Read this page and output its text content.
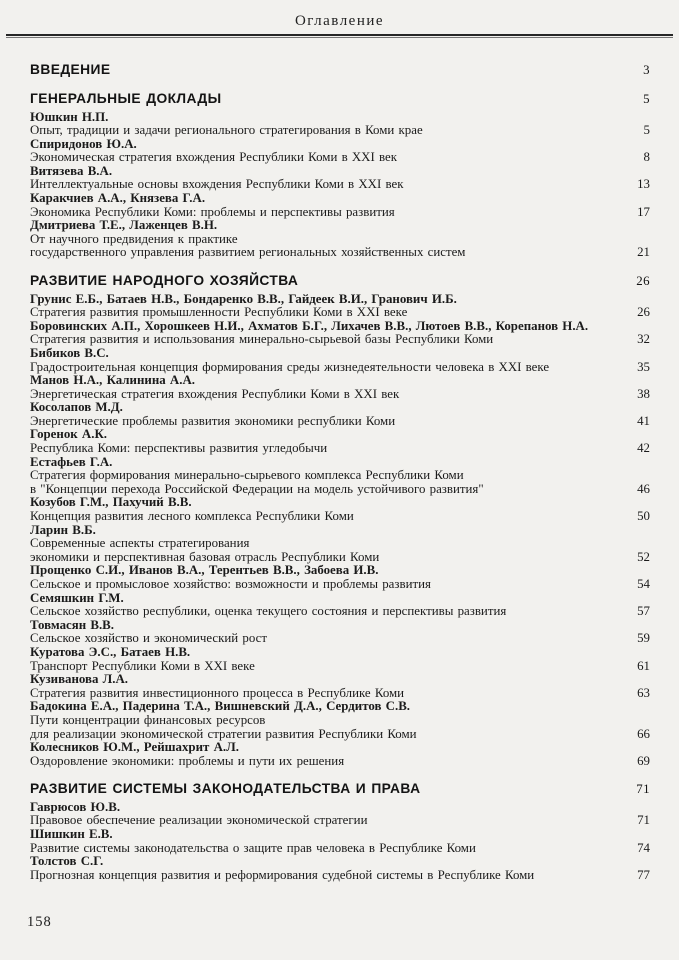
Оглавление
ВВЕДЕНИЕ	3
ГЕНЕРАЛЬНЫЕ ДОКЛАДЫ	5
Юшкин Н.П.
Опыт, традиции и задачи регионального стратегирования в Коми крае	5
Спиридонов Ю.А.
Экономическая стратегия вхождения Республики Коми в XXI век	8
Витязева В.А.
Интеллектуальные основы вхождения Республики Коми в XXI век	13
Каракчиев А.А., Князева Г.А.
Экономика Республики Коми: проблемы и перспективы развития	17
Дмитриева Т.Е., Лаженцев В.Н.
От научного предвидения к практике
государственного управления развитием региональных хозяйственных систем	21
РАЗВИТИЕ НАРОДНОГО ХОЗЯЙСТВА	26
Грунис Е.Б., Батаев Н.В., Бондаренко В.В., Гайдеек В.И., Гранович И.Б.
Стратегия развития промышленности Республики Коми в XXI веке	26
Боровинских А.П., Хорошкеев Н.И., Ахматов Б.Г., Лихачев В.В., Лютоев В.В., Корепанов Н.А.
Стратегия развития и использования минерально-сырьевой базы Республики Коми	32
Бибиков В.С.
Градостроительная концепция формирования среды жизнедеятельности человека в XXI веке	35
Манов Н.А., Калинина А.А.
Энергетическая стратегия вхождения Республики Коми в XXI век	38
Косолапов М.Д.
Энергетические проблемы развития экономики республики Коми	41
Горенок А.К.
Республика Коми: перспективы развития угледобычи	42
Естафьев Г.А.
Стратегия формирования минерально-сырьевого комплекса Республики Коми
в "Концепции перехода Российской Федерации на модель устойчивого развития"	46
Козубов Г.М., Пахучий В.В.
Концепция развития лесного комплекса Республики Коми	50
Ларин В.Б.
Современные аспекты стратегирования
экономики и перспективная базовая отрасль Республики Коми	52
Прощенко С.И., Иванов В.А., Терентьев В.В., Забоева И.В.
Сельское и промысловое хозяйство: возможности и проблемы развития	54
Семяшкин Г.М.
Сельское хозяйство республики, оценка текущего состояния и перспективы развития	57
Товмасян В.В.
Сельское хозяйство и экономический рост	59
Куратова Э.С., Батаев Н.В.
Транспорт Республики Коми в XXI веке	61
Кузиванова Л.А.
Стратегия развития инвестиционного процесса в Республике Коми	63
Бадокина Е.А., Падерина Т.А., Вишневский Д.А., Сердитов С.В.
Пути концентрации финансовых ресурсов
для реализации экономической стратегии развития Республики Коми	66
Колесников Ю.М., Рейшахрит А.Л.
Оздоровление экономики: проблемы и пути их решения	69
РАЗВИТИЕ СИСТЕМЫ ЗАКОНОДАТЕЛЬСТВА И ПРАВА	71
Гаврюсов Ю.В.
Правовое обеспечение реализации экономической стратегии	71
Шишкин Е.В.
Развитие системы законодательства о защите прав человека в Республике Коми	74
Толстов С.Г.
Прогнозная концепция развития и реформирования судебной системы в Республике Коми	77
158
